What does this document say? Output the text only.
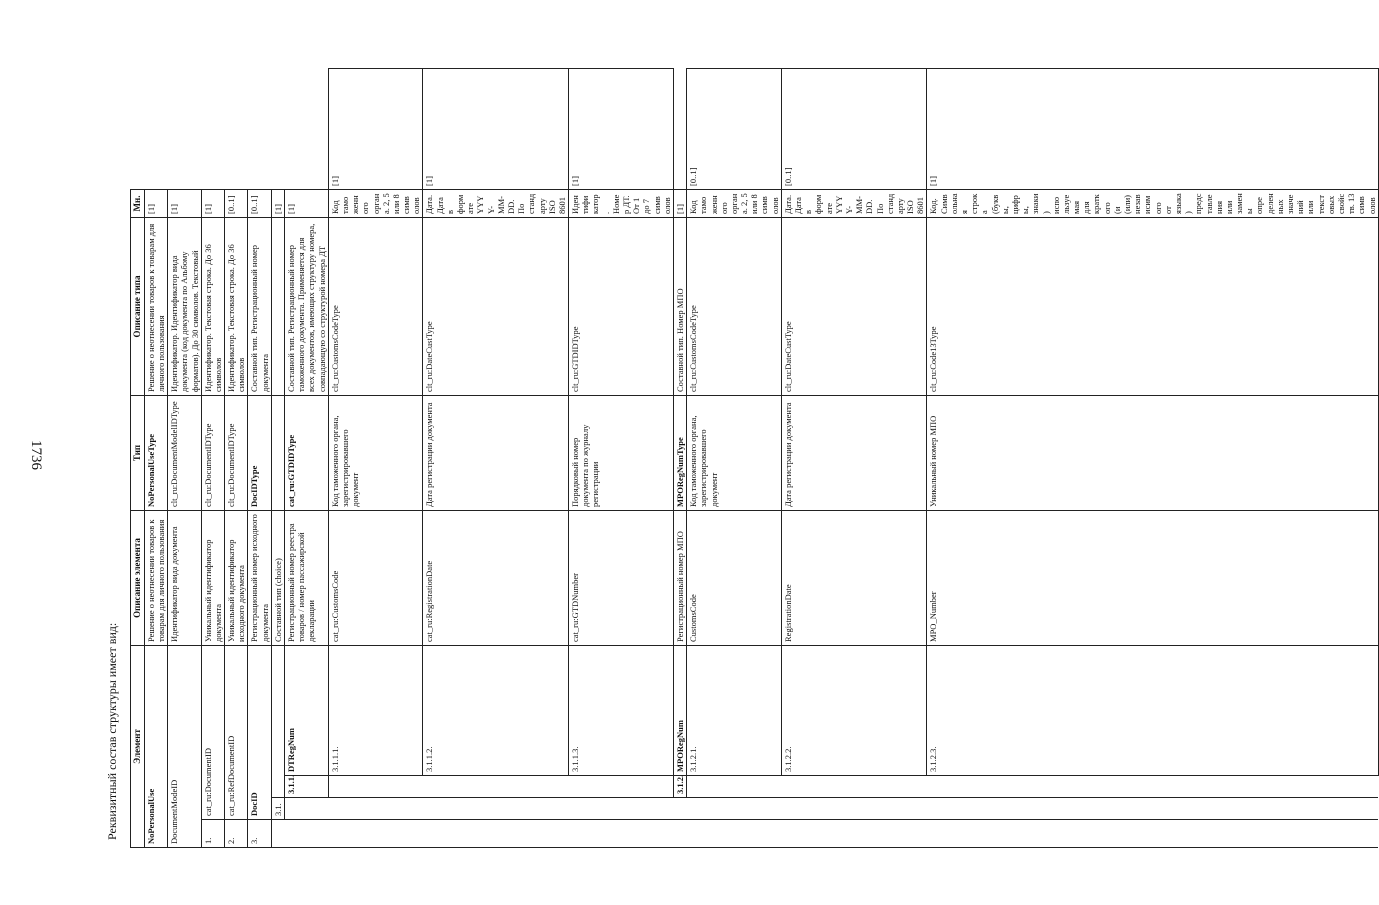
1736
Реквизитный состав структуры имеет вид: Элемент				Описание элемента	Тип	Описание типа	Мн.	
NoPersonalUse				Решение о неотнесении товаров к товарам для личного пользования	NoPersonalUseType	Решение о неотнесении товаров к товарам для личного пользования	[1]	
DocumentModeID				Идентификатор вида документа	clt_ru:DocumentModelIDType	Идентификатор. Идентификатор вида документа (код документа по Альбому форматов). До 30 символов. Текстовый	[1]	
1.	cat_ru:DocumentID			Уникальный идентификатор документа	clt_ru:DocumentIDType	Идентификатор. Текстовая строка. До 36 символов	[1]	
2.	cat_ru:RefDocumentID			Уникальный идентификатор исходного документа	clt_ru:DocumentIDType	Идентификатор. Текстовая строка. До 36 символов	[0..1]	
3.	DocID			Регистрационный номер исходного документа	DocIDType	Составной тип. Регистрационный номер документа	[0..1]	
	3.1.			Составной тип (choice)			[1]	
		3.1.1.	DTRegNum	Регистрационный номер реестра товаров / номер пассажирской декларации	cat_ru:GTDIDType	Составной тип. Регистрационный номер таможенного документа. Применяется для всех документов, имеющих структуру номера, совпадающую со структурой номера ДТ	[1]	
			3.1.1.1.	cat_ru:CustomsCode	Код таможенного органа, зарегистрировавшего документ	clt_ru:CustomsCodeType	Код таможенного органа. 2, 5 или 8 символов	[1]
			3.1.1.2.	cat_ru:RegistrationDate	Дата регистрации документа	clt_ru:DateCustType	Дата. Дата в формате YYYY-MM-DD. По стандарту ISO 8601	[1]
			3.1.1.3.	cat_ru:GTDNumber	Порядковый номер документа по журналу регистрации	clt_ru:GTDIDType	Идентификатор. Номер ДТ. От 1 до 7 символов	[1]
		3.1.2.	MPORegNum	Регистрационный номер МПО	MPORegNumType	Составной тип. Номер МПО	[1]	
			3.1.2.1.	CustomsCode	Код таможенного органа, зарегистрировавшего документ	clt_ru:CustomsCodeType	Код таможенного органа. 2, 5 или 8 символов	[0..1]
			3.1.2.2.	RegistrationDate	Дата регистрации документа	clt_ru:DateCustType	Дата. Дата в формате YYYY-MM-DD. По стандарту ISO 8601	[0..1]
			3.1.2.3.	MPO_Number	Уникальный номер МПО	clt_ru:Code13Type	Код. Символьная строка (буквы, цифры, знаки) используемая для краткого (и (или) независимого от языка) представления или замены определенных значений или текстовых свойств. 13 символов	[1]
